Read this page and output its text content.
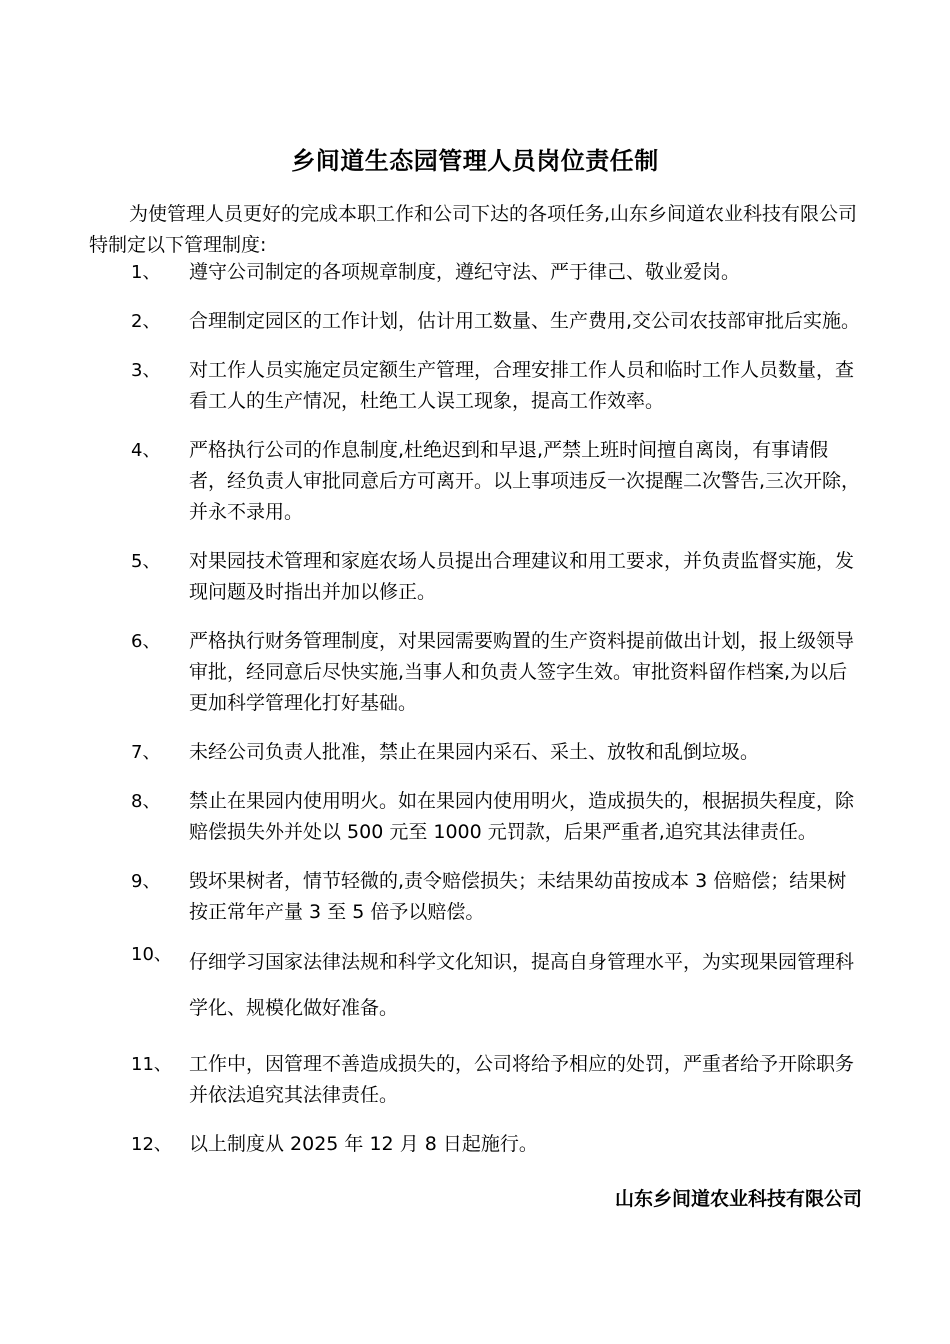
乡间道生态园管理人员岗位责任制
为使管理人员更好的完成本职工作和公司下达的各项任务,山东乡间道农业科技有限公司特制定以下管理制度:
1、	遵守公司制定的各项规章制度，遵纪守法、严于律己、敬业爱岗。
2、	合理制定园区的工作计划，估计用工数量、生产费用,交公司农技部审批后实施。
3、	对工作人员实施定员定额生产管理，合理安排工作人员和临时工作人员数量，查看工人的生产情况，杜绝工人误工现象，提高工作效率。
4、	严格执行公司的作息制度,杜绝迟到和早退,严禁上班时间擅自离岗，有事请假者，经负责人审批同意后方可离开。以上事项违反一次提醒二次警告,三次开除，并永不录用。
5、	对果园技术管理和家庭农场人员提出合理建议和用工要求，并负责监督实施，发现问题及时指出并加以修正。
6、	严格执行财务管理制度，对果园需要购置的生产资料提前做出计划，报上级领导审批，经同意后尽快实施,当事人和负责人签字生效。审批资料留作档案,为以后更加科学管理化打好基础。
7、	未经公司负责人批准，禁止在果园内采石、采土、放牧和乱倒垃圾。
8、	禁止在果园内使用明火。如在果园内使用明火，造成损失的，根据损失程度，除赔偿损失外并处以 500 元至 1000 元罚款，后果严重者,追究其法律责任。
9、	毁坏果树者，情节轻微的,责令赔偿损失；未结果幼苗按成本 3 倍赔偿；结果树按正常年产量 3 至 5 倍予以赔偿。
10、 仔细学习国家法律法规和科学文化知识，提高自身管理水平，为实现果园管理科学化、规模化做好准备。
11、 工作中，因管理不善造成损失的，公司将给予相应的处罚，严重者给予开除职务并依法追究其法律责任。
12、 以上制度从 2025 年 12 月 8 日起施行。
山东乡间道农业科技有限公司
